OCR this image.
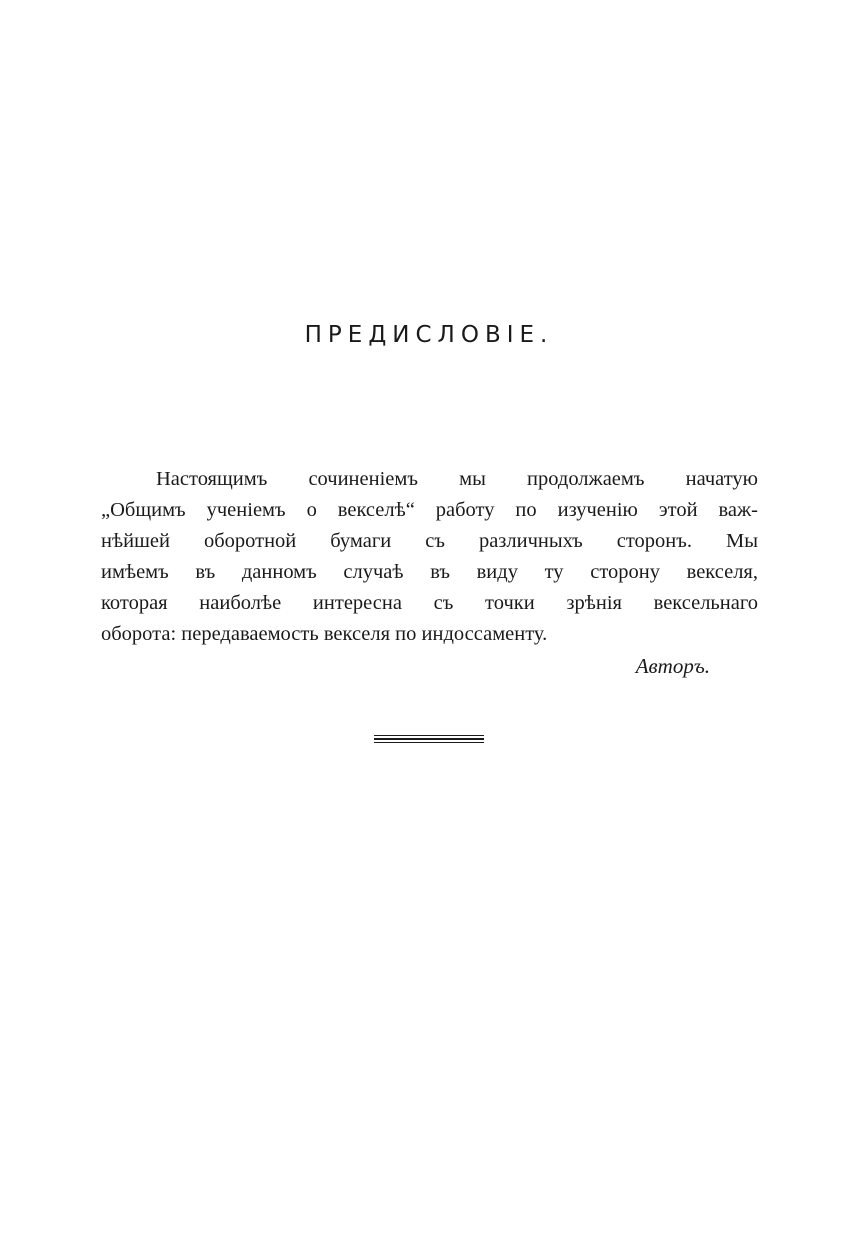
ПРЕДИСЛОВІЕ.
Настоящимъ сочиненіемъ мы продолжаемъ начатую
„Общимъ ученіемъ о векселѣ“ работу по изученію этой важ-
нѣйшей оборотной бумаги съ различныхъ сторонъ. Мы
имѣемъ въ данномъ случаѣ въ виду ту сторону векселя,
которая наиболѣе интересна съ точки зрѣнія вексельнаго
оборота: передаваемость векселя по индоссаменту.
Авторъ.
